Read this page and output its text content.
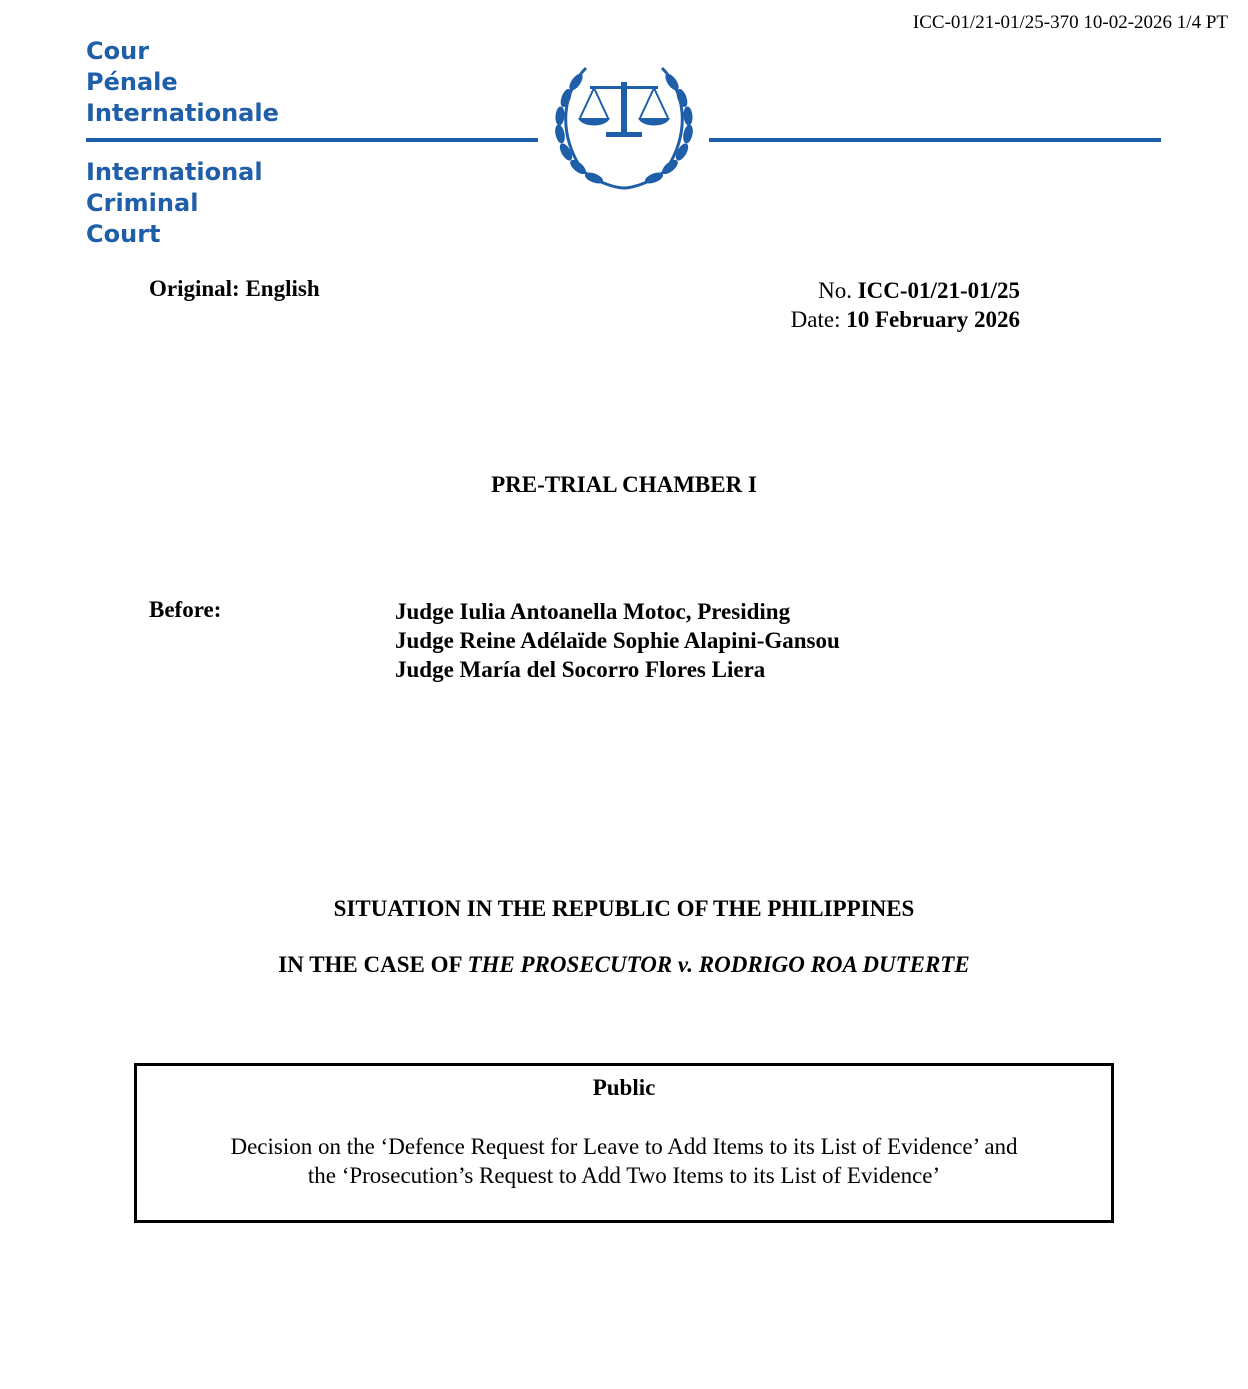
ICC-01/21-01/25-370 10-02-2026 1/4 PT
Cour
Pénale
Internationale
International
Criminal
Court
Original: English	No. ICC-01/21-01/25
Date: 10 February 2026
PRE-TRIAL CHAMBER I
Before:	Judge Iulia Antoanella Motoc, Presiding
Judge Reine Adélaïde Sophie Alapini-Gansou
Judge María del Socorro Flores Liera
SITUATION IN THE REPUBLIC OF THE PHILIPPINES
IN THE CASE OF THE PROSECUTOR v. RODRIGO ROA DUTERTE
Public
Decision on the ‘Defence Request for Leave to Add Items to its List of Evidence’ and
the ‘Prosecution’s Request to Add Two Items to its List of Evidence’
